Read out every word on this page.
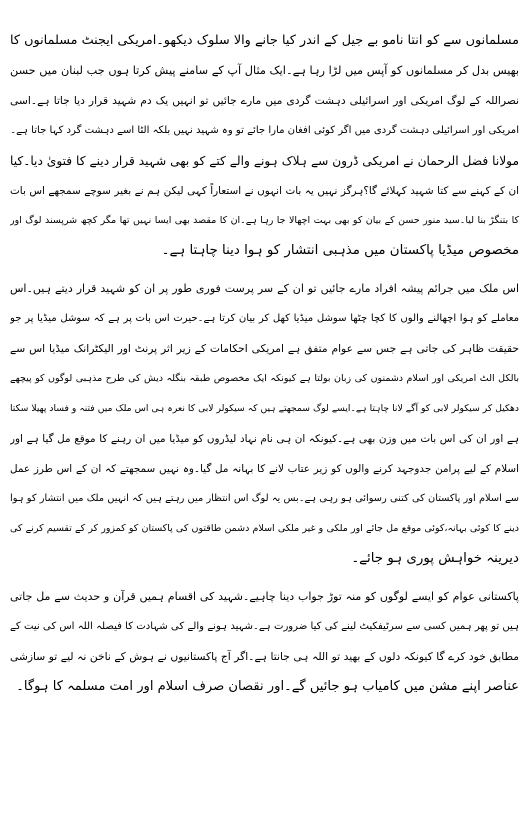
مسلمانوں سے کو انتا نامو بے جیل کے اندر کیا جانے والا سلوک دیکھو۔امریکی ایجنٹ مسلمانوں کا
بھیس بدل کر مسلمانوں کو آپس میں لڑا رہا ہے۔ایک مثال آپ کے سامنے پیش کرتا ہوں جب لبنان میں حسن
نصراللہ کے لوگ امریکی اور اسرائیلی دہشت گردی میں مارے جائیں تو انہیں یک دم شہید قرار دیا جاتا ہے۔اسی
امریکی اور اسرائیلی دہشت گردی میں اگر کوئی افغان مارا جائے تو وہ شہید نہیں بلکہ الٹا اسے دہشت گرد کہا جاتا ہے۔
مولانا فضل الرحمان نے امریکی ڈرون سے ہلاک ہونے والے کتے کو بھی شہید قرار دینے کا فتویٰ دیا۔کیا
ان کے کہنے سے کتا شہید کہلائے گا؟ہرگز نہیں یہ بات انہوں نے استعاراً کہی لیکن ہم نے بغیر سوچے سمجھے اس بات
کا بتنگڑ بنا لیا۔سید منور حسن کے بیان کو بھی بہت اچھالا جا رہا ہے۔ان کا مقصد بھی ایسا نہیں تھا مگر کچھ شرپسند لوگ اور
مخصوص میڈیا پاکستان میں مذہبی انتشار کو ہوا دینا چاہتا ہے۔
اس ملک میں جرائم پیشہ افراد مارے جائیں تو ان کے سر پرست فوری طور پر ان کو شہید قرار دیتے ہیں۔اس
معاملے کو ہوا اچھالنے والوں کا کچا چٹھا سوشل میڈیا کھل کر بیان کرتا ہے۔حیرت اس بات پر ہے کہ سوشل میڈیا پر جو
حقیقت ظاہر کی جاتی ہے جس سے عوام متفق ہے امریکی احکامات کے زیر اثر پرنٹ اور الیکٹرانک میڈیا اس سے
بالکل الٹ امریکی اور اسلام دشمنوں کی زبان بولتا ہے کیونکہ ایک مخصوص طبقہ بنگلہ دیش کی طرح مذہبی لوگوں کو پیچھے
دھکیل کر سیکولر لابی کو آگے لانا چاہتا ہے۔ایسے لوگ سمجھتے ہیں کہ سیکولر لابی کا نعرہ ہی اس ملک میں فتنہ و فساد پھیلا سکتا
ہے اور ان کی اس بات میں وزن بھی ہے۔کیونکہ ان ہی نام نہاد لیڈروں کو میڈیا میں ان رہنے کا موقع مل گیا ہے اور
اسلام کے لیے پرامن جدوجہد کرنے والوں کو زیر عتاب لانے کا بہانہ مل گیا۔وہ نہیں سمجھتے کہ ان کے اس طرز عمل
سے اسلام اور پاکستان کی کتنی رسوائی ہو رہی ہے۔بس یہ لوگ اس انتظار میں رہتے ہیں کہ انہیں ملک میں انتشار کو ہوا
دینے کا کوئی بہانہ،کوئی موقع مل جائے اور ملکی و غیر ملکی اسلام دشمن طاقتوں کی پاکستان کو کمزور کر کے تقسیم کرنے کی
دیرینہ خواہش پوری ہو جائے۔
پاکستانی عوام کو ایسے لوگوں کو منہ توڑ جواب دینا چاہیے۔شہید کی اقسام ہمیں قرآن و حدیث سے مل جاتی
ہیں تو پھر ہمیں کسی سے سرٹیفکیٹ لینے کی کیا ضرورت ہے۔شہید ہونے والے کی شہادت کا فیصلہ اللہ اس کی نیت کے
مطابق خود کرے گا کیونکہ دلوں کے بھید تو اللہ ہی جانتا ہے۔اگر آج پاکستانیوں نے ہوش کے ناخن نہ لیے تو سازشی
عناصر اپنے مشن میں کامیاب ہو جائیں گے۔اور نقصان صرف اسلام اور امت مسلمہ کا ہوگا۔
